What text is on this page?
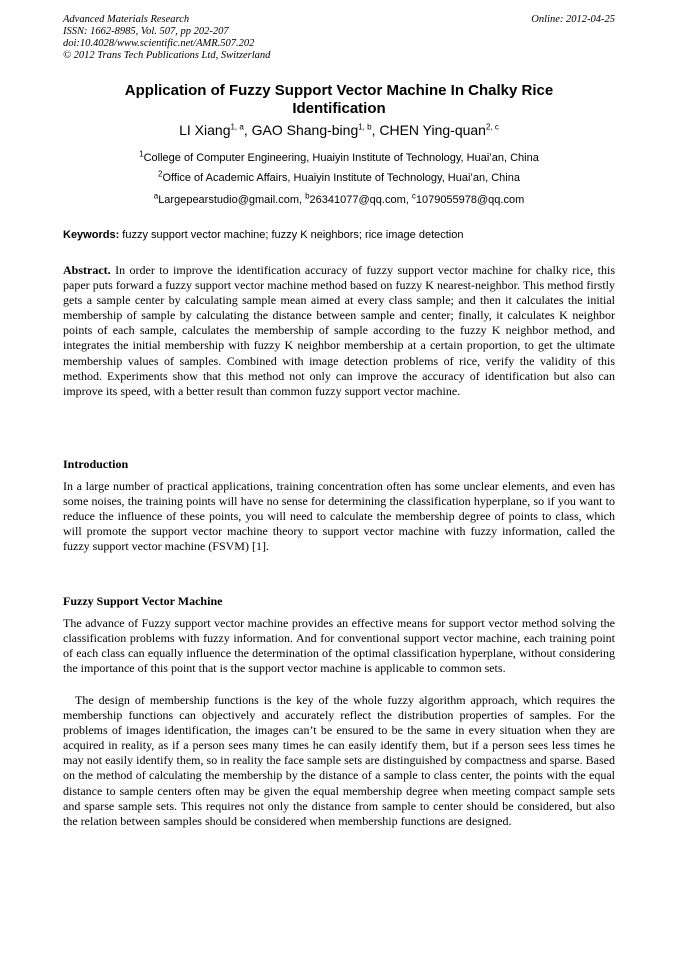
Advanced Materials Research
ISSN: 1662-8985, Vol. 507, pp 202-207
doi:10.4028/www.scientific.net/AMR.507.202
© 2012 Trans Tech Publications Ltd, Switzerland
Online: 2012-04-25
Application of Fuzzy Support Vector Machine In Chalky Rice Identification
LI Xiang$^{1, a}$, GAO Shang-bing$^{1, b}$, CHEN Ying-quan$^{2, c}$
$^1$College of Computer Engineering, Huaiyin Institute of Technology, Huai’an, China
$^2$Office of Academic Affairs, Huaiyin Institute of Technology, Huai’an, China
$^a$Largepearstudio@gmail.com, $^b$26341077@qq.com, $^c$1079055978@qq.com
Keywords: fuzzy support vector machine; fuzzy K neighbors; rice image detection
Abstract. In order to improve the identification accuracy of fuzzy support vector machine for chalky rice, this paper puts forward a fuzzy support vector machine method based on fuzzy K nearest-neighbor. This method firstly gets a sample center by calculating sample mean aimed at every class sample; and then it calculates the initial membership of sample by calculating the distance between sample and center; finally, it calculates K neighbor points of each sample, calculates the membership of sample according to the fuzzy K neighbor method, and integrates the initial membership with fuzzy K neighbor membership at a certain proportion, to get the ultimate membership values of samples. Combined with image detection problems of rice, verify the validity of this method. Experiments show that this method not only can improve the accuracy of identification but also can improve its speed, with a better result than common fuzzy support vector machine.
Introduction
In a large number of practical applications, training concentration often has some unclear elements, and even has some noises, the training points will have no sense for determining the classification hyperplane, so if you want to reduce the influence of these points, you will need to calculate the membership degree of points to class, which will promote the support vector machine theory to support vector machine with fuzzy information, called the fuzzy support vector machine (FSVM) [1].
Fuzzy Support Vector Machine
The advance of Fuzzy support vector machine provides an effective means for support vector method solving the classification problems with fuzzy information. And for conventional support vector machine, each training point of each class can equally influence the determination of the optimal classification hyperplane, without considering the importance of this point that is the support vector machine is applicable to common sets.
The design of membership functions is the key of the whole fuzzy algorithm approach, which requires the membership functions can objectively and accurately reflect the distribution properties of samples. For the problems of images identification, the images can’t be ensured to be the same in every situation when they are acquired in reality, as if a person sees many times he can easily identify them, but if a person sees less times he may not easily identify them, so in reality the face sample sets are distinguished by compactness and sparse. Based on the method of calculating the membership by the distance of a sample to class center, the points with the equal distance to sample centers often may be given the equal membership degree when meeting compact sample sets and sparse sample sets. This requires not only the distance from sample to center should be considered, but also the relation between samples should be considered when membership functions are designed.
